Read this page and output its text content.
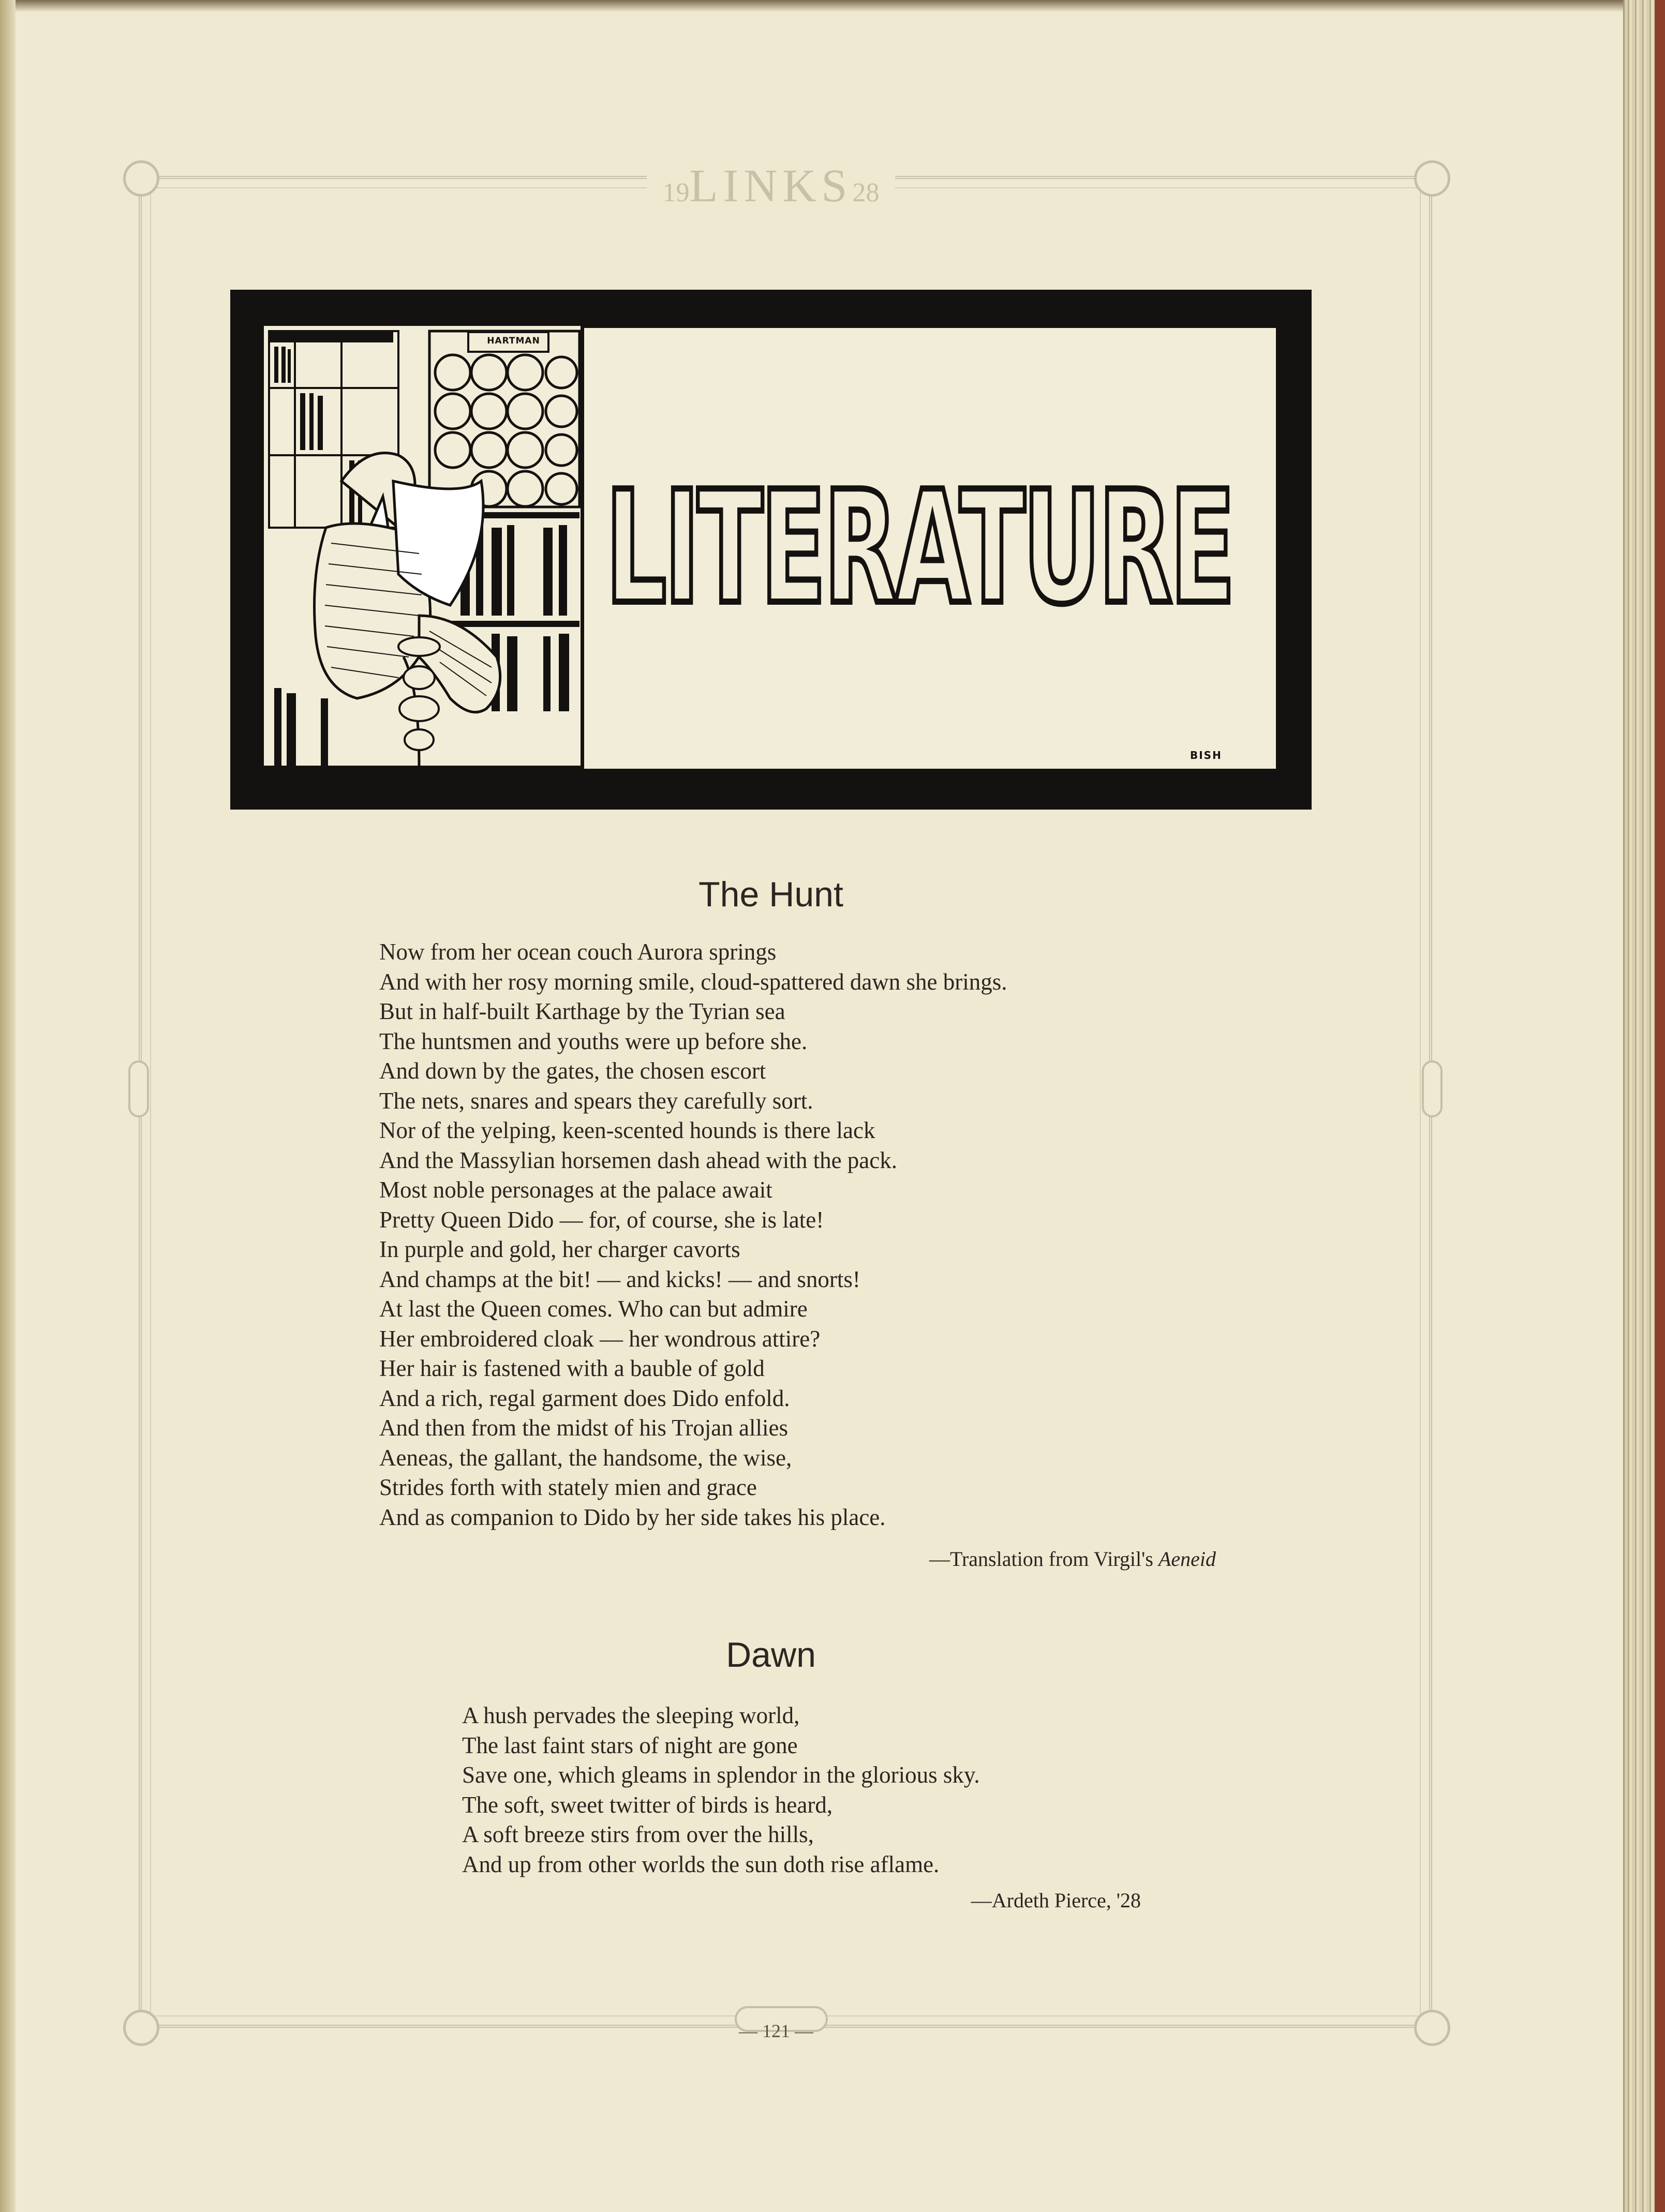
19LINKS28
HARTMAN
LITERATURE
BISH
The Hunt
Now from her ocean couch Aurora springs
And with her rosy morning smile, cloud-spattered dawn she brings.
But in half-built Karthage by the Tyrian sea
The huntsmen and youths were up before she.
And down by the gates, the chosen escort
The nets, snares and spears they carefully sort.
Nor of the yelping, keen-scented hounds is there lack
And the Massylian horsemen dash ahead with the pack.
Most noble personages at the palace await
Pretty Queen Dido — for, of course, she is late!
In purple and gold, her charger cavorts
And champs at the bit! — and kicks! — and snorts!
At last the Queen comes. Who can but admire
Her embroidered cloak — her wondrous attire?
Her hair is fastened with a bauble of gold
And a rich, regal garment does Dido enfold.
And then from the midst of his Trojan allies
Aeneas, the gallant, the handsome, the wise,
Strides forth with stately mien and grace
And as companion to Dido by her side takes his place.
—Translation from Virgil's Aeneid
Dawn
A hush pervades the sleeping world,
The last faint stars of night are gone
Save one, which gleams in splendor in the glorious sky.
The soft, sweet twitter of birds is heard,
A soft breeze stirs from over the hills,
And up from other worlds the sun doth rise aflame.
—Ardeth Pierce, '28
— 121 —
